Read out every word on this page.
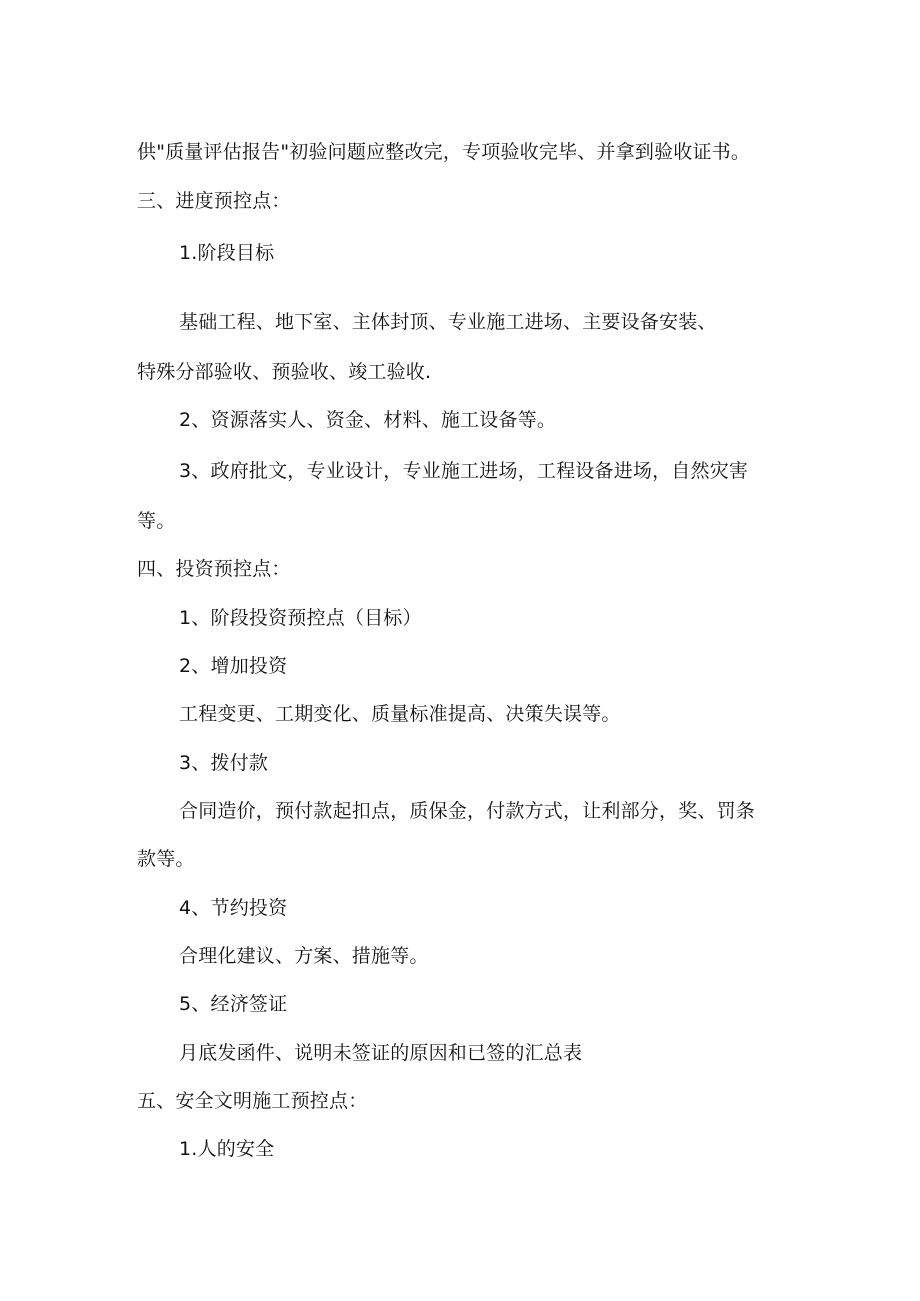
供"质量评估报告"初验问题应整改完，专项验收完毕、并拿到验收证书。
三、进度预控点：
1.阶段目标
基础工程、地下室、主体封顶、专业施工进场、主要设备安装、
特殊分部验收、预验收、竣工验收.
2、资源落实人、资金、材料、施工设备等。
3、政府批文，专业设计，专业施工进场，工程设备进场，自然灾害
等。
四、投资预控点：
1、阶段投资预控点（目标）
2、增加投资
工程变更、工期变化、质量标准提高、决策失误等。
3、拨付款
合同造价，预付款起扣点，质保金，付款方式，让利部分，奖、罚条
款等。
4、节约投资
合理化建议、方案、措施等。
5、经济签证
月底发函件、说明未签证的原因和已签的汇总表
五、安全文明施工预控点：
1.人的安全
